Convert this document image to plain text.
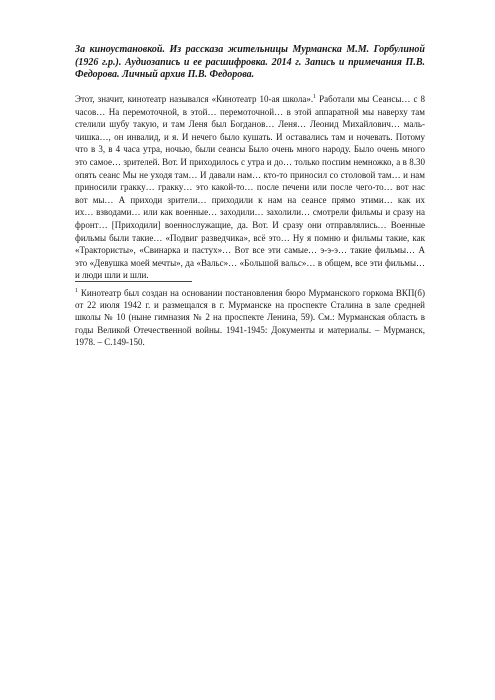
За киноустановкой. Из рассказа жительницы Мурманска М.М. Горбулиной (1926 г.р.). Аудиозапись и ее расшифровка. 2014 г. Запись и примечания П.В. Федорова. Личный архив П.В. Федорова.
Этот, значит, кинотеатр назывался «Кинотеатр 10-ая школа».$^1$ Работали мы Сеансы… с 8
часов… На перемоточной, в этой… перемоточной… в этой аппаратной мы наверху там
стелили шубу такую, и там Леня был Богданов… Леня… Леонид Михайлович… маль-
чишка…, он инвалид, и я. И нечего было кушать. И оставались там и ночевать. Потому
что в 3, в 4 часа утра, ночью, были сеансы Было очень много народу. Было очень много
это самое… зрителей. Вот. И приходилось с утра и до… только поспим немножко, а в 8.30
опять сеанс Мы не уходя там… И давали нам… кто-то приносил со столовой там… и нам
приносили гракку… гракку… это какой-то… после печени или после чего-то… вот нас
вот мы… А приходи зрители… приходили к нам на сеансе прямо этими… как их
их… взводами… или как военные… заходили… захолили… смотрели фильмы и сразу на
фронт… [Приходили] военнослужащие, да. Вот. И сразу они отправлялись… Военные
фильмы были такие… «Подвиг разведчика», всё это… Ну я помню и фильмы такие, как
«Трактористы», «Свинарка и пастух»… Вот все эти самые… э-э-э… такие фильмы… А
это «Девушка моей мечты», да «Вальс»… «Большой вальс»… в общем, все эти фильмы…
и люди шли и шли.
$^1$ Кинотеатр был создан на основании постановления бюро Мурманского горкома ВКП(б)
от 22 июля 1942 г. и размещался в г. Мурманске на проспекте Сталина в зале средней
школы № 10 (ныне гимназия № 2 на проспекте Ленина, 59). См.: Мурманская область в
годы Великой Отечественной войны. 1941-1945: Документы и материалы. – Мурманск,
1978. – С.149-150.
